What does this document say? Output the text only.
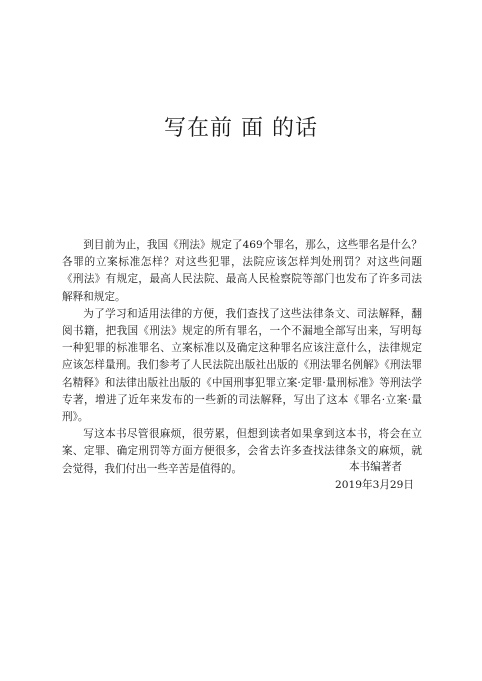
写在前 面 的话

到目前为止，我国《刑法》规定了469个罪名，那么，这些罪名是什么？各罪的立案标准怎样？对这些犯罪，法院应该怎样判处刑罚？对这些问题《刑法》有规定，最高人民法院、最高人民检察院等部门也发布了许多司法解释和规定。

为了学习和适用法律的方便，我们查找了这些法律条文、司法解释，翻阅书籍，把我国《刑法》规定的所有罪名，一个不漏地全部写出来，写明每一种犯罪的标准罪名、立案标准以及确定这种罪名应该注意什么，法律规定应该怎样量刑。我们参考了人民法院出版社出版的《刑法罪名例解》《刑法罪名精释》和法律出版社出版的《中国刑事犯罪立案·定罪·量刑标准》等刑法学专著，增进了近年来发布的一些新的司法解释，写出了这本《罪名·立案·量刑》。

写这本书尽管很麻烦，很劳累，但想到读者如果拿到这本书，将会在立案、定罪、确定刑罚等方面方便很多，会省去许多查找法律条文的麻烦，就会觉得，我们付出一些辛苦是值得的。	本书编著者
2019年3月29日
